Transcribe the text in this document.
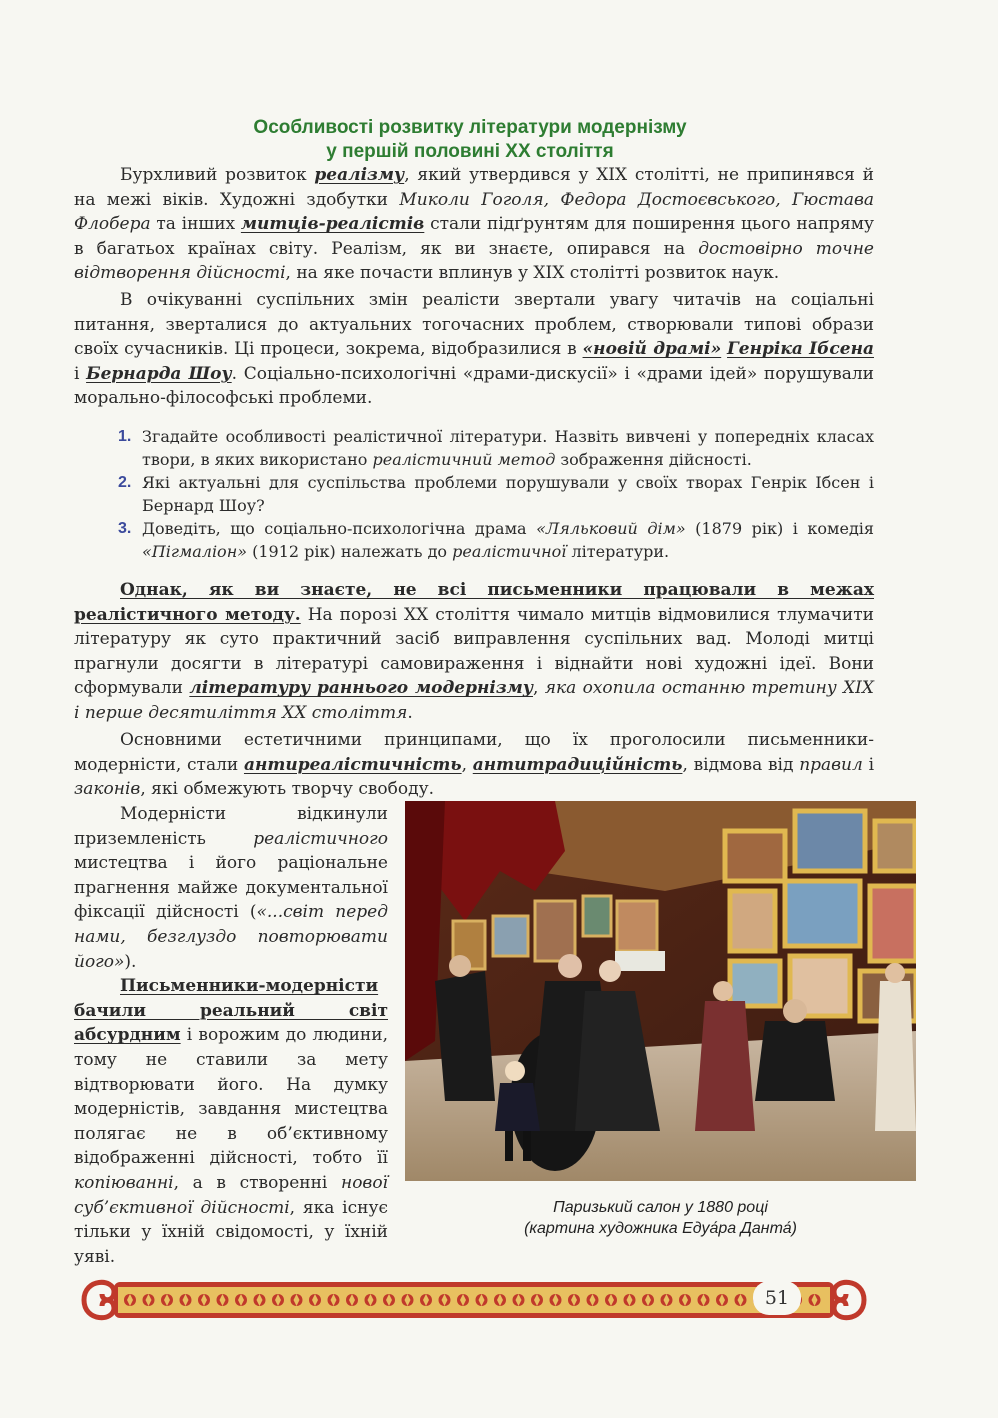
Особливості розвитку літератури модернізму
у першій половині ХХ століття

Бурхливий розвиток реалізму, який утвердився у ХІХ столітті, не припинявся й на межі віків. Художні здобутки Миколи Гоголя, Федора Достоєвського, Гюстава Флобера та інших митців-реалістів стали підґрунтям для поширення цього напряму в багатьох країнах світу. Реалізм, як ви знаєте, опирався на достовірно точне відтворення дійсності, на яке почасти вплинув у ХІХ столітті розвиток наук.

В очікуванні суспільних змін реалісти звертали увагу читачів на соціальні питання, зверталися до актуальних тогочасних проблем, створювали типові образи своїх сучасників. Ці процеси, зокрема, відобразилися в «новій драмі» Генріка Ібсена і Бернарда Шоу. Соціально-психологічні «драми-дискусії» і «драми ідей» порушували морально-філософські проблеми.

1. Згадайте особливості реалістичної літератури. Назвіть вивчені у попередніх класах твори, в яких використано реалістичний метод зображення дійсності.
2. Які актуальні для суспільства проблеми порушували у своїх творах Генрік Ібсен і Бернард Шоу?
3. Доведіть, що соціально-психологічна драма «Ляльковий дім» (1879 рік) і комедія «Пігмаліон» (1912 рік) належать до реалістичної літератури.

Однак, як ви знаєте, не всі письменники працювали в межах реалістичного методу. На порозі ХХ століття чимало митців відмовилися тлумачити літературу як суто практичний засіб виправлення суспільних вад. Молоді митці прагнули досягти в літературі самовираження і віднайти нові художні ідеї. Вони сформували літературу раннього модернізму, яка охопила останню третину ХІХ і перше десятиліття ХХ століття.

Основними естетичними принципами, що їх проголосили письменники-модерністи, стали антиреалістичність, антитрадиційність, відмова від правил і законів, які обмежують творчу свободу.

Модерністи відкинули приземленість реалістичного мистецтва і його раціональне прагнення майже документальної фіксації дійсності («...світ перед нами, безглуздо повторювати його»).

Письменники-модерністи бачили реальний світ абсурдним і ворожим до людини, тому не ставили за мету відтворювати його. На думку модерністів, завдання мистецтва полягає не в об’єктивному відображенні дійсності, тобто її копіюванні, а в створенні нової суб’єктивної дійсності, яка існує тільки у їхній свідомості, у їхній уяві.

Паризький салон у 1880 році
(картина художника Едуа́ра Данта́)
51
